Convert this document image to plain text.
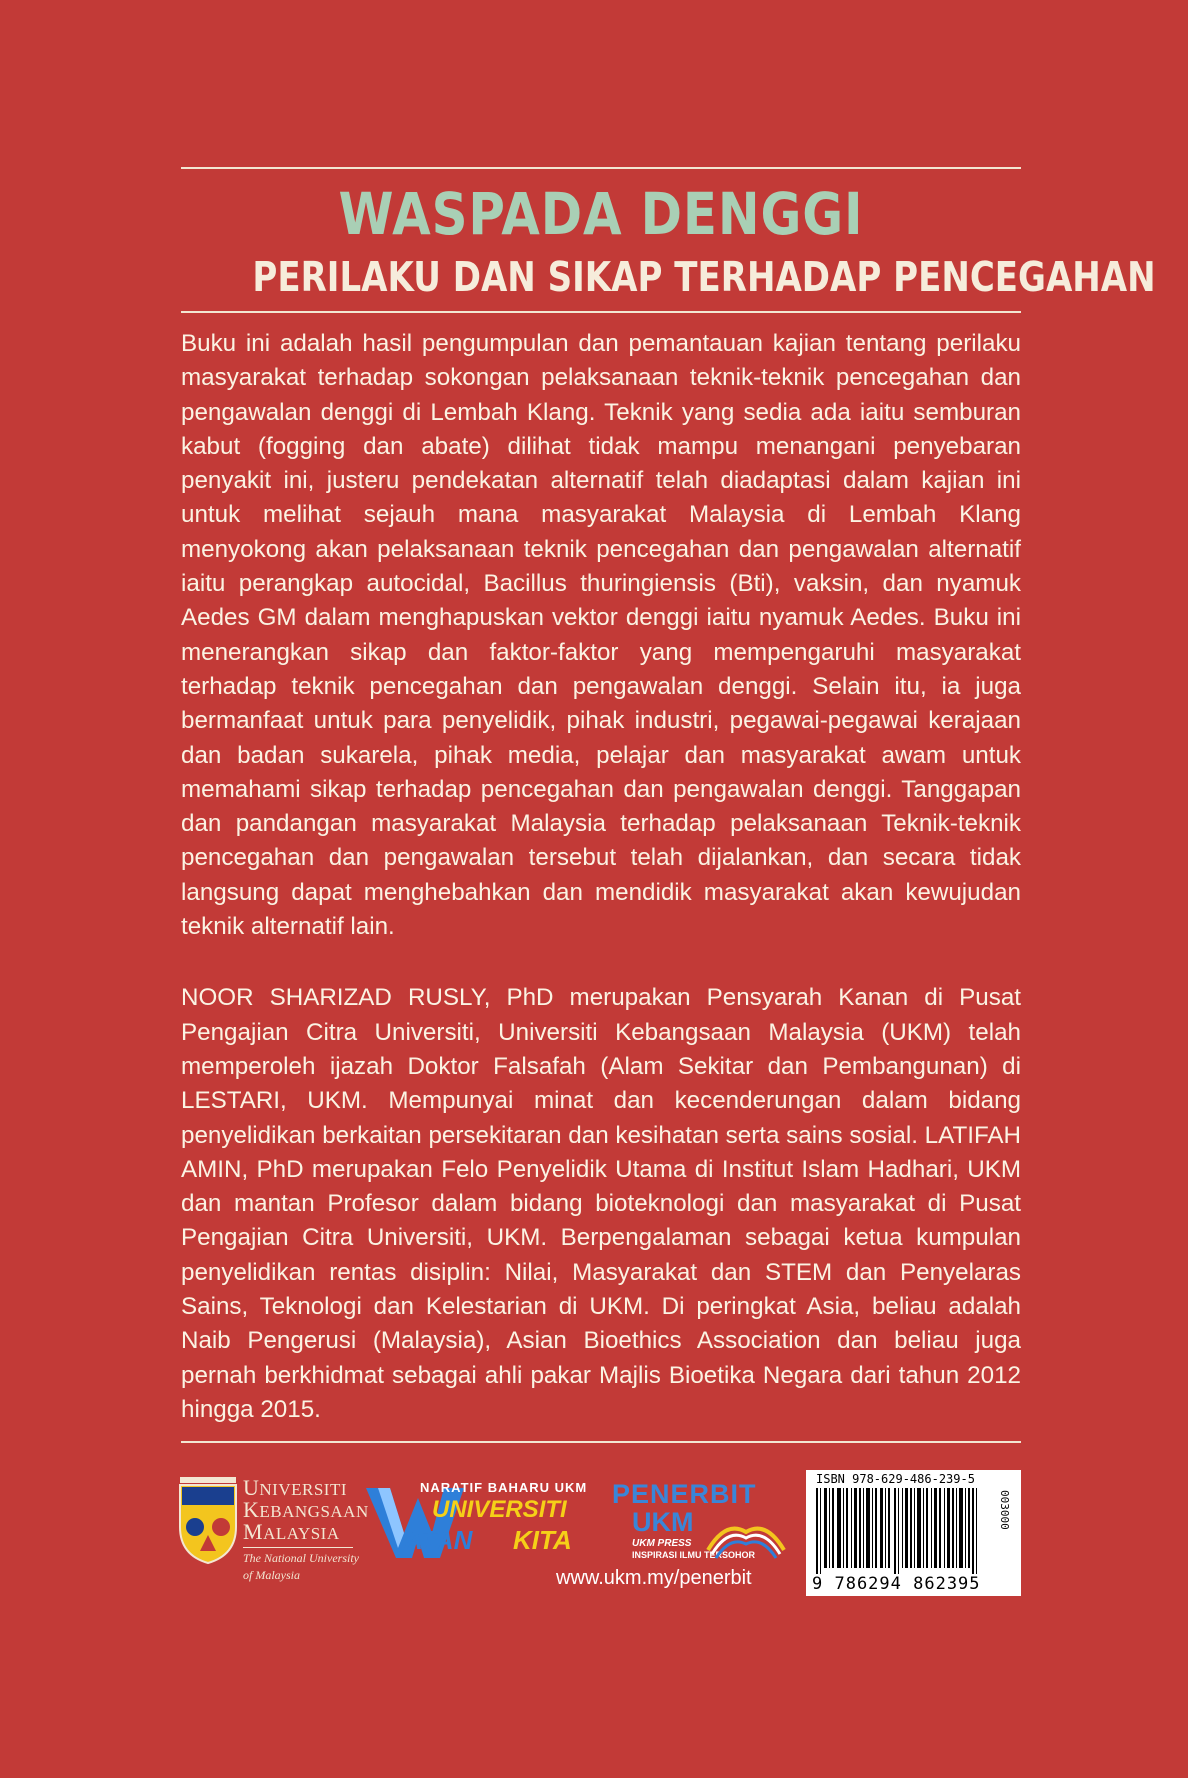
WASPADA DENGGI
PERILAKU DAN SIKAP TERHADAP PENCEGAHAN

Buku ini adalah hasil pengumpulan dan pemantauan kajian tentang perilaku masyarakat terhadap sokongan pelaksanaan teknik-teknik pencegahan dan pengawalan denggi di Lembah Klang. Teknik yang sedia ada iaitu semburan kabut (fogging dan abate) dilihat tidak mampu menangani penyebaran penyakit ini, justeru pendekatan alternatif telah diadaptasi dalam kajian ini untuk melihat sejauh mana masyarakat Malaysia di Lembah Klang menyokong akan pelaksanaan teknik pencegahan dan pengawalan alternatif iaitu perangkap autocidal, Bacillus thuringiensis (Bti), vaksin, dan nyamuk Aedes GM dalam menghapuskan vektor denggi iaitu nyamuk Aedes. Buku ini menerangkan sikap dan faktor-faktor yang mempengaruhi masyarakat terhadap teknik pencegahan dan pengawalan denggi. Selain itu, ia juga bermanfaat untuk para penyelidik, pihak industri, pegawai-pegawai kerajaan dan badan sukarela, pihak media, pelajar dan masyarakat awam untuk memahami sikap terhadap pencegahan dan pengawalan denggi. Tanggapan dan pandangan masyarakat Malaysia terhadap pelaksanaan Teknik-teknik pencegahan dan pengawalan tersebut telah dijalankan, dan secara tidak langsung dapat menghebahkan dan mendidik masyarakat akan kewujudan teknik alternatif lain.

NOOR SHARIZAD RUSLY, PhD merupakan Pensyarah Kanan di Pusat Pengajian Citra Universiti, Universiti Kebangsaan Malaysia (UKM) telah memperoleh ijazah Doktor Falsafah (Alam Sekitar dan Pembangunan) di LESTARI, UKM. Mempunyai minat dan kecenderungan dalam bidang penyelidikan berkaitan persekitaran dan kesihatan serta sains sosial. LATIFAH AMIN, PhD merupakan Felo Penyelidik Utama di Institut Islam Hadhari, UKM dan mantan Profesor dalam bidang bioteknologi dan masyarakat di Pusat Pengajian Citra Universiti, UKM. Berpengalaman sebagai ketua kumpulan penyelidikan rentas disiplin: Nilai, Masyarakat dan STEM dan Penyelaras Sains, Teknologi dan Kelestarian di UKM. Di peringkat Asia, beliau adalah Naib Pengerusi (Malaysia), Asian Bioethics Association dan beliau juga pernah berkhidmat sebagai ahli pakar Majlis Bioetika Negara dari tahun 2012 hingga 2015.

UNIVERSITI
KEBANGSAAN
MALAYSIA
The National University
of Malaysia
NARATIF BAHARU UKM
UNIVERSITI
ATAN KITA
PENERBIT
UKM
UKM PRESS
INSPIRASI ILMU TERSOHOR
www.ukm.my/penerbit
ISBN 978-629-486-239-5
9 786294 862395
003000
